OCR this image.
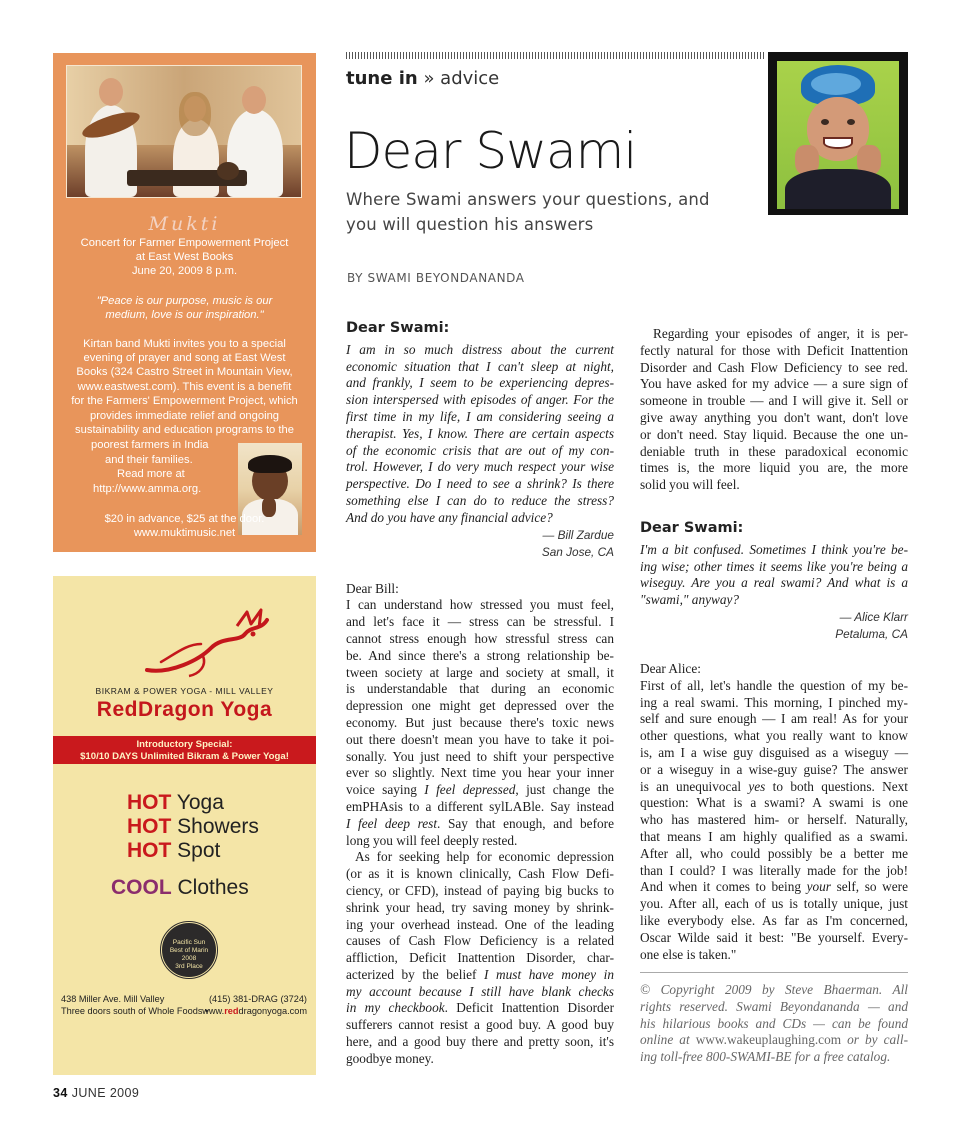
Mukti
Concert for Farmer Empowerment Project
at East West Books
June 20, 2009 8 p.m.
"Peace is our purpose, music is our
medium, love is our inspiration."
Kirtan band Mukti invites you to a special
evening of prayer and song at East West
Books (324 Castro Street in Mountain View,
www.eastwest.com). This event is a benefit
for the Farmers' Empowerment Project, which
provides immediate relief and ongoing
sustainability and education programs to the
poorest farmers in India
and their families.
Read more at
http://www.amma.org.
$20 in advance, $25 at the door.
www.muktimusic.net
BIKRAM & POWER YOGA - MILL VALLEY
RedDragon Yoga
Introductory Special:
$10/10 DAYS Unlimited Bikram & Power Yoga!
HOT Yoga
HOT Showers
HOT Spot
COOL Clothes
Pacific Sun
Best of Marin 2008
3rd Place
438 Miller Ave. Mill Valley
Three doors south of Whole Foods •
(415) 381-DRAG (3724)
www.reddragonyoga.com
34 JUNE 2009
tune in » advice
Dear Swami
Where Swami answers your questions, and
you will question his answers
BY SWAMI BEYONDANANDA
Dear Swami:
I am in so much distress about the current
economic situation that I can't sleep at night,
and frankly, I seem to be experiencing depres-
sion interspersed with episodes of anger. For the
first time in my life, I am considering seeing a
therapist. Yes, I know. There are certain aspects
of the economic crisis that are out of my con-
trol. However, I do very much respect your wise
perspective. Do I need to see a shrink? Is there
something else I can do to reduce the stress?
And do you have any financial advice?
— Bill Zardue
San Jose, CA
Dear Bill:
I can understand how stressed you must feel,
and let's face it — stress can be stressful. I
cannot stress enough how stressful stress can
be. And since there's a strong relationship be-
tween society at large and society at small, it
is understandable that during an economic
depression one might get depressed over the
economy. But just because there's toxic news
out there doesn't mean you have to take it poi-
sonally. You just need to shift your perspective
ever so slightly. Next time you hear your inner
voice saying I feel depressed, just change the
emPHAsis to a different sylLABle. Say instead
I feel deep rest. Say that enough, and before
long you will feel deeply rested.
As for seeking help for economic depression
(or as it is known clinically, Cash Flow Defi-
ciency, or CFD), instead of paying big bucks to
shrink your head, try saving money by shrink-
ing your overhead instead. One of the leading
causes of Cash Flow Deficiency is a related
affliction, Deficit Inattention Disorder, char-
acterized by the belief I must have money in
my account because I still have blank checks
in my checkbook. Deficit Inattention Disorder
sufferers cannot resist a good buy. A good buy
here, and a good buy there and pretty soon, it's
goodbye money.
Regarding your episodes of anger, it is per-
fectly natural for those with Deficit Inattention
Disorder and Cash Flow Deficiency to see red.
You have asked for my advice — a sure sign of
someone in trouble — and I will give it. Sell or
give away anything you don't want, don't love
or don't need. Stay liquid. Because the one un-
deniable truth in these paradoxical economic
times is, the more liquid you are, the more
solid you will feel.
Dear Swami:
I'm a bit confused. Sometimes I think you're be-
ing wise; other times it seems like you're being a
wiseguy. Are you a real swami? And what is a
"swami," anyway?
— Alice Klarr
Petaluma, CA
Dear Alice:
First of all, let's handle the question of my be-
ing a real swami. This morning, I pinched my-
self and sure enough — I am real! As for your
other questions, what you really want to know
is, am I a wise guy disguised as a wiseguy —
or a wiseguy in a wise-guy guise? The answer
is an unequivocal yes to both questions. Next
question: What is a swami? A swami is one
who has mastered him- or herself. Naturally,
that means I am highly qualified as a swami.
After all, who could possibly be a better me
than I could? I was literally made for the job!
And when it comes to being your self, so were
you. After all, each of us is totally unique, just
like everybody else. As far as I'm concerned,
Oscar Wilde said it best: "Be yourself. Every-
one else is taken."
© Copyright 2009 by Steve Bhaerman. All
rights reserved. Swami Beyondananda — and
his hilarious books and CDs — can be found
online at www.wakeuplaughing.com or by call-
ing toll-free 800-SWAMI-BE for a free catalog.
